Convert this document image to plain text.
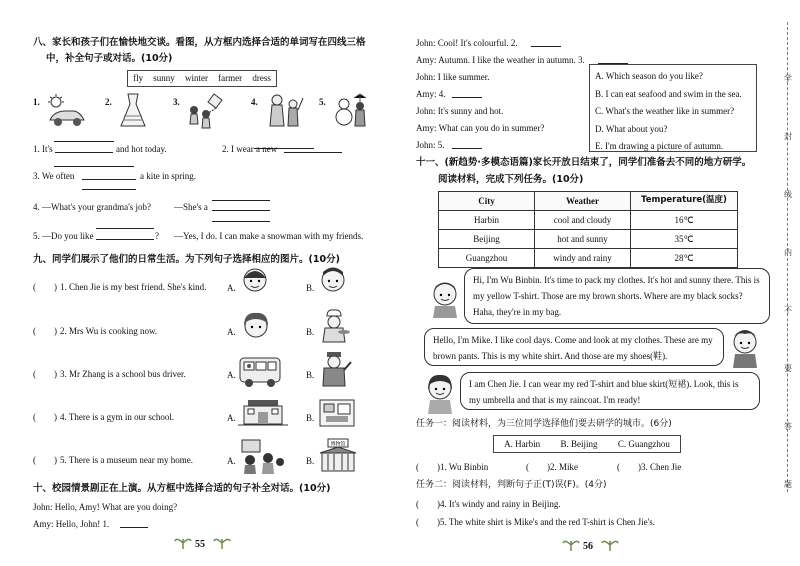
八、家长和孩子们在愉快地交谈。看图，从方框内选择合适的单词写在四线三格
中，补全句子或对话。(10分)
fly sunny winter farmer dress
1.	2.	3.	4.	5.
1. It's	and hot today.	2. I wear a new
3. We often	a kite in spring.
4. —What's your grandma's job?	—She's a
5. —Do you like	? —Yes, I do. I can make a snowman with my friends.
九、同学们展示了他们的日常生活。为下列句子选择相应的图片。(10分)
(　　) 1. Chen Jie is my best friend. She's kind. A.	B.
(　　) 2. Mrs Wu is cooking now.	A.	B.
(　　) 3. Mr Zhang is a school bus driver.	A.	B.
(　　) 4. There is a gym in our school.	A.	B.
(　　) 5. There is a museum near my home.	A.	B.
博物馆
十、校园情景剧正在上演。从方框中选择合适的句子补全对话。(10分)
John: Hello, Amy! What are you doing?
Amy: Hello, John! 1.
55
John: Cool! It's colourful. 2.
Amy: Autumn. I like the weather in autumn. 3.
John: I like summer.
Amy: 4.
John: It's sunny and hot.
Amy: What can you do in summer?
John: 5.
A. Which season do you like?
B. I can eat seafood and swim in the sea.
C. What's the weather like in summer?
D. What about you?
E. I'm drawing a picture of autumn.
十一、(新趋势·多模态语篇)家长开放日结束了，同学们准备去不同的地方研学。
阅读材料，完成下列任务。(10分)
City	Weather	Temperature(温度)
Harbin	cool and cloudy	16℃
Beijing	hot and sunny	35℃
Guangzhou	windy and rainy	28℃
Hi, I'm Wu Binbin. It's time to pack my clothes. It's hot and sunny there. This is my yellow T-shirt. Those are my brown shorts. Where are my black socks? Haha, they're in my bag.
Hello, I'm Mike. I like cool days. Come and look at my clothes. These are my brown pants. This is my white shirt. And those are my shoes(鞋).
I am Chen Jie. I can wear my red T-shirt and blue skirt(短裙). Look, this is my umbrella and that is my raincoat. I'm ready!
任务一：阅读材料，为三位同学选择他们要去研学的城市。(6分)
A. Harbin B. Beijing C. Guangzhou
(　　)1. Wu Binbin	(　　)2. Mike	(　　)3. Chen Jie
任务二：阅读材料，判断句子正(T)误(F)。(4分)
(　　)4. It's windy and rainy in Beijing.
(　　)5. The white shirt is Mike's and the red T-shirt is Chen Jie's.
56
学
封
线
内
不
要
答
题
